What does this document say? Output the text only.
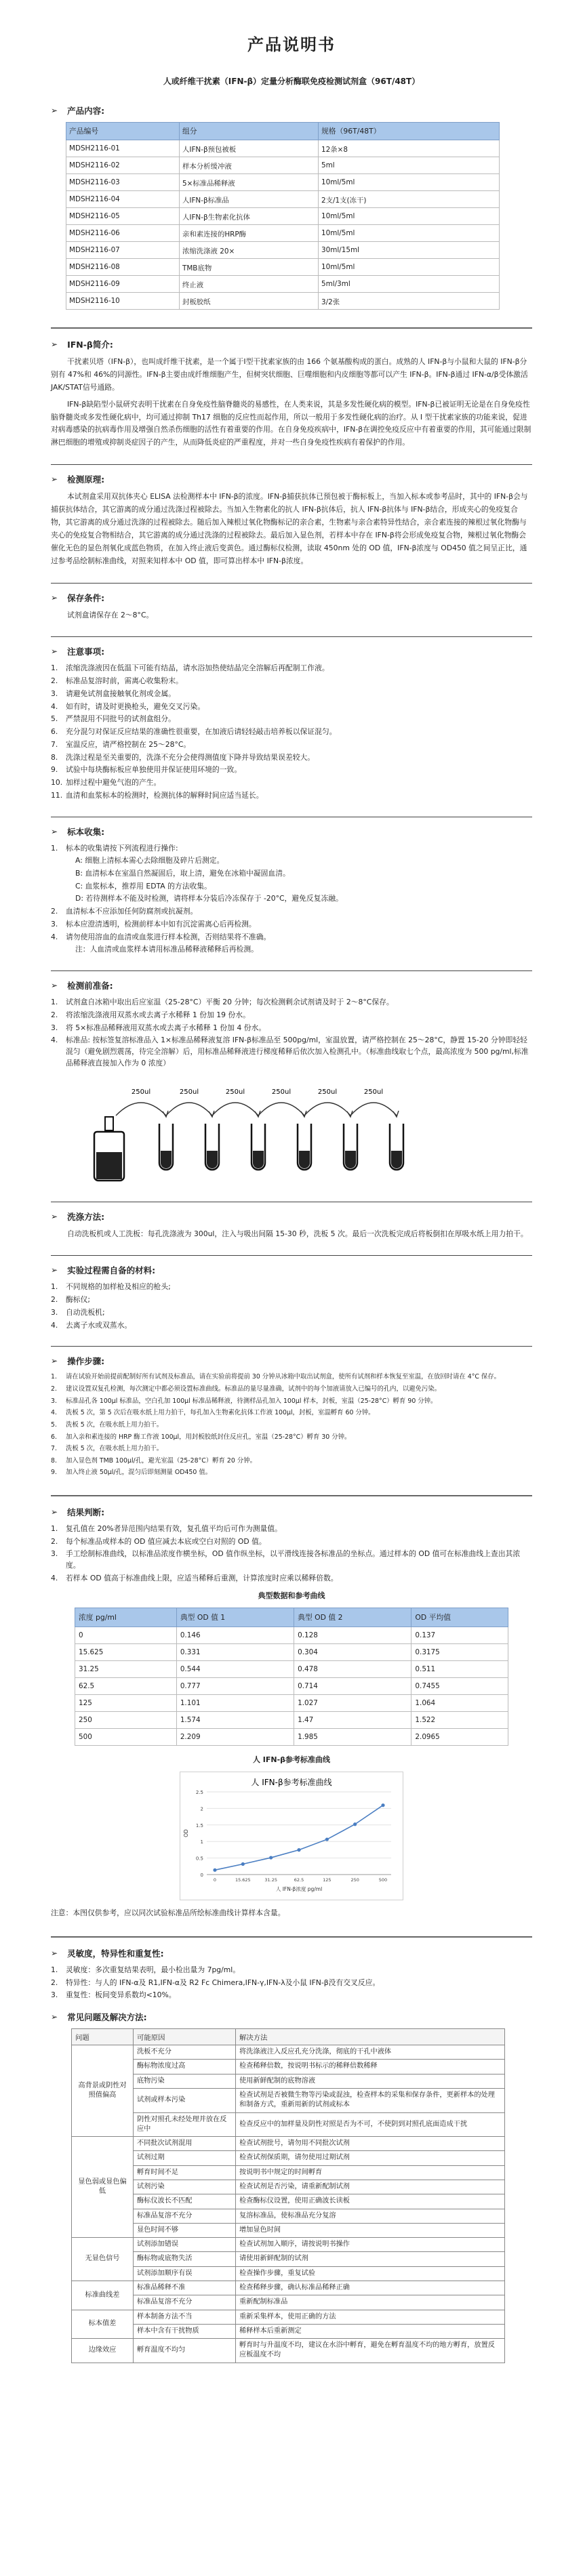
产品说明书
人或纤维干扰素（IFN-β）定量分析酶联免疫检测试剂盒（96T/48T）
➢ 产品内容:
产品编号	组分	规格（96T/48T）
MDSH2116-01	人IFN-β预包被板	12条×8
MDSH2116-02	样本分析缓冲液	5ml
MDSH2116-03	5×标准品稀释液	10ml/5ml
MDSH2116-04	人IFN-β标准品	2支/1支(冻干)
MDSH2116-05	人IFN-β生物素化抗体	10ml/5ml
MDSH2116-06	亲和素连接的HRP酶	10ml/5ml
MDSH2116-07	浓缩洗涤液 20×	30ml/15ml
MDSH2116-08	TMB底物	10ml/5ml
MDSH2116-09	终止液	5ml/3ml
MDSH2116-10	封板胶纸	3/2张
➢ IFN-β简介:

干扰素贝塔（IFN-β），也叫成纤维干扰素，是一个属于I型干扰素家族的由 166 个氨基酸构成的蛋白。成熟的人 IFN-β与小鼠和大鼠的 IFN-β分别有 47%和 46%的同源性。IFN-β主要由成纤维细胞产生，但树突状细胞、巨噬细胞和内皮细胞等都可以产生 IFN-β。IFN-β通过 IFN-α/β受体激活 JAK/STAT信号通路。

IFN-β缺陷型小鼠研究表明干扰素在自身免疫性脑脊髓炎的易感性，在人类来说，其是多发性硬化病的模型。IFN-β已被证明无论是在自身免疫性脑脊髓炎或多发性硬化病中，均可通过抑制 Th17 细胞的反应性而起作用，所以一般用于多发性硬化病的治疗。从 I 型干扰素家族的功能来说，促进对病毒感染的抗病毒作用及增强自然杀伤细胞的活性有着重要的作用。在自身免疫疾病中，IFN-β在调控免疫反应中有着重要的作用，其可能通过限制淋巴细胞的增殖或抑制炎症因子的产生，从而降低炎症的严重程度，并对一些自身免疫性疾病有着保护的作用。

➢ 检测原理:

本试剂盒采用双抗体夹心 ELISA 法检测样本中 IFN-β的浓度。IFN-β捕获抗体已预包被于酶标板上，当加入标本或参考品时，其中的 IFN-β会与捕获抗体结合，其它游离的成分通过洗涤过程被除去。当加入生物素化的抗人 IFN-β抗体后，抗人 IFN-β抗体与 IFN-β结合，形成夹心的免疫复合物，其它游离的成分通过洗涤的过程被除去。随后加入辣根过氧化物酶标记的亲合素，生物素与亲合素特异性结合，亲合素连接的辣根过氧化物酶与夹心的免疫复合物相结合，其它游离的成分通过洗涤的过程被除去。最后加入显色剂，若样本中存在 IFN-β将会形成免疫复合物，辣根过氧化物酶会催化无色的显色剂氧化成蓝色物质，在加入终止液后变黄色。通过酶标仪检测，读取 450nm 处的 OD 值，IFN-β浓度与 OD450 值之间呈正比，通过参考品绘制标准曲线，对照来知样本中 OD 值，即可算出样本中 IFN-β浓度。

➢ 保存条件:

试剂盒请保存在 2～8°C。

➢ 注意事项:
1.	浓缩洗涤液因在低温下可能有结晶，请水浴加热使结晶完全溶解后再配制工作液。
2.	标准品复溶时前，需离心收集粉末。
3.	请避免试剂盒接触氧化剂或金属。
4.	如有时，请及时更换枪头，避免交叉污染。
5.	严禁混用不同批号的试剂盒组分。
6.	充分混匀对保证反应结果的准确性很重要，在加液后请轻轻敲击培养板以保证混匀。
7.	室温反应，请严格控制在 25～28°C。
8.	洗涤过程是至关重要的，洗涤不充分会使得测值度下降并导致结果误差较大。
9.	试验中每块酶标板应单独使用并保证使用环境的一致。
10. 加样过程中避免气泡的产生。
11. 血清和血浆标本的检测时，检测抗体的解释时间应适当延长。
➢ 标本收集:
1.	标本的收集请按下列流程进行操作:
A: 细胞上清标本需心去除细胞及碎片后测定。
B: 血清标本在室温自然凝固后，取上清，避免在冰箱中凝固血清。
C: 血浆标本，推荐用 EDTA 的方法收集。
D: 若待测样本不能及时检测，请将样本分装后冷冻保存于 -20°C，避免反复冻融。
2.	血清标本不应添加任何防腐剂或抗凝剂。
3.	标本应澄清透明，检测前样本中如有沉淀需离心后再检测。
4.	请勿使用溶血的血清或血浆进行样本检测，否则结果将不准确。
注：人血清或血浆样本请用标准品稀释液稀释后再检测。
➢ 检测前准备:
1.	试剂盒自冰箱中取出后应室温（25-28°C）平衡 20 分钟；每次检测剩余试剂请及时于 2～8°C保存。
2.	将浓缩洗涤液用双蒸水或去离子水稀释 1 份加 19 份水。
3.	将 5×标准品稀释液用双蒸水或去离子水稀释 1 份加 4 份水。
4.	标准品: 按标签复溶标准品入 1×标准品稀释液复溶 IFN-β标准品至 500pg/ml，室温放置，请严格控制在 25～28°C，静置 15-20 分钟即轻轻混匀（避免剧烈震荡，待完全溶解）后，用标准品稀释液进行梯度稀释后依次加入检测孔中。（标准曲线取七个点，最高浓度为 500 pg/ml,标准品稀释液直接加入作为 0 浓度）
250ul	250ul	250ul	250ul	250ul	250ul
➢ 洗涤方法:

自动洗板机或人工洗板：每孔洗涤液为 300ul，注入与吸出间隔 15-30 秒，洗板 5 次。最后一次洗板完成后将板倒扣在厚吸水纸上用力拍干。

➢ 实验过程需自备的材料:
1.	不同规格的加样枪及相应的枪头;
2.	酶标仪;
3.	自动洗板机;
4.	去离子水或双蒸水。
➢ 操作步骤:
1.	请在试验开始前提前配制好所有试剂及标准品，请在实验前将提前 30 分钟从冰箱中取出试剂盒，使所有试剂和样本恢复至室温，在放回时请在 4°C 保存。
2.	建议设置双复孔检测，每次测定中都必须设置标准曲线。标准品的量尽量准确，试剂中的每个加液请放入已编号的孔内，以避免污染。
3.	标准品孔各 100μl 标准品，空白孔加 100μl 标准品稀释液，待测样品孔加入 100μl 样本，封板，室温（25-28°C）孵育 90 分钟。
4.	洗板 5 次，第 5 次后在吸水纸上用力拍干，每孔加入生物素化抗体工作液 100μl，封板，室温孵育 60 分钟。
5.	洗板 5 次，在吸水纸上用力拍干。
6.	加入亲和素连接的 HRP 酶工作液 100μl，用封板胶纸封住反应孔，室温（25-28°C）孵育 30 分钟。
7.	洗板 5 次，在吸水纸上用力拍干。
8.	加入显色剂 TMB 100μl/孔，避光室温（25-28°C）孵育 20 分钟。
9.	加入终止液 50μl/孔，混匀后即刻测量 OD450 值。
➢ 结果判断:
1.	复孔值在 20%者异范围内结果有效，复孔值平均后可作为测量值。
2.	每个标准品或样本的 OD 值应减去本底或空白对照的 OD 值。
3.	手工绘制标准曲线，以标准品浓度作横坐标，OD 值作纵坐标，以平滑线连接各标准品的坐标点。通过样本的 OD 值可在标准曲线上查出其浓度。
4.	若样本 OD 值高于标准曲线上限，应适当稀释后重测，计算浓度时应乘以稀释倍数。
典型数据和参考曲线
浓度 pg/ml	典型 OD 值 1	典型 OD 值 2	OD 平均值
0	0.146	0.128	0.137
15.625	0.331	0.304	0.3175
31.25	0.544	0.478	0.511
62.5	0.777	0.714	0.7455
125	1.101	1.027	1.064
250	1.574	1.47	1.522
500	2.209	1.985	2.0965
人 IFN-β参考标准曲线
人 IFN-β参考标准曲线
0
0.5
1
1.5
2
2.5
0	15.625	31.25	62.5	125	250	500
人 IFN-β浓度 pg/ml
OD
注意：本图仅供参考，应以同次试验标准品所绘标准曲线计算样本含量。
➢ 灵敏度，特异性和重复性:
1.	灵敏度：多次重复结果表明，最小检出量为 7pg/ml。
2.	特异性：与人的 IFN-α及 R1,IFN-α及 R2 Fc Chimera,IFN-γ,IFN-λ及小鼠 IFN-β没有交叉反应。
3.	重复性：板间变异系数均<10%。
➢ 常见问题及解决方法:
问题	可能原因	解决方法
高背景或阴性对照值偏高	洗板不充分	将洗涤液注入反应孔充分洗涤，彻底的干孔中液体
	酶标物浓度过高	检查稀释倍数，按说明书标示的稀释倍数稀释
	底物污染	使用新鲜配制的底物溶液
	试剂或样本污染	检查试剂是否被微生物等污染或混浊，检查样本的采集和保存条件，更新样本的处理和制备方式，重新用新的试剂或标本
	阴性对照孔未经处理并放在反应中	检查反应中的加样量及阴性对照是否为不可，不使阴到对照孔底面造成干扰
显色弱或显色偏低	不同批次试剂混用	检查试剂批号，请勿用不同批次试剂
	试剂过期	检查试剂保质期，请勿使用过期试剂
	孵育时间不足	按说明书中规定的时间孵育
	试剂污染	检查试剂是否污染，请重新配制试剂
	酶标仪波长不匹配	检查酶标仪设置，使用正确波长读板
	标准品复溶不充分	复溶标准品，使标准品充分复溶
	显色时间不够	增加显色时间
无显色信号	试剂添加错误	检查试剂加入顺序，请按说明书操作
	酶标物或底物失活	请使用新鲜配制的试剂
	试剂添加顺序有误	检查操作步骤，重复试验
标准曲线差	标准品稀释不准	检查稀释步骤，确认标准品稀释正确
	标准品复溶不充分	重新配制标准品
标本值差	样本制备方法不当	重新采集样本，使用正确的方法
	样本中含有干扰物质	稀释样本后重新测定
边缘效应	孵育温度不均匀	孵育时与升温度不均，建议在水浴中孵育，避免在孵育温度不均的地方孵育，放置反应板温度不均
